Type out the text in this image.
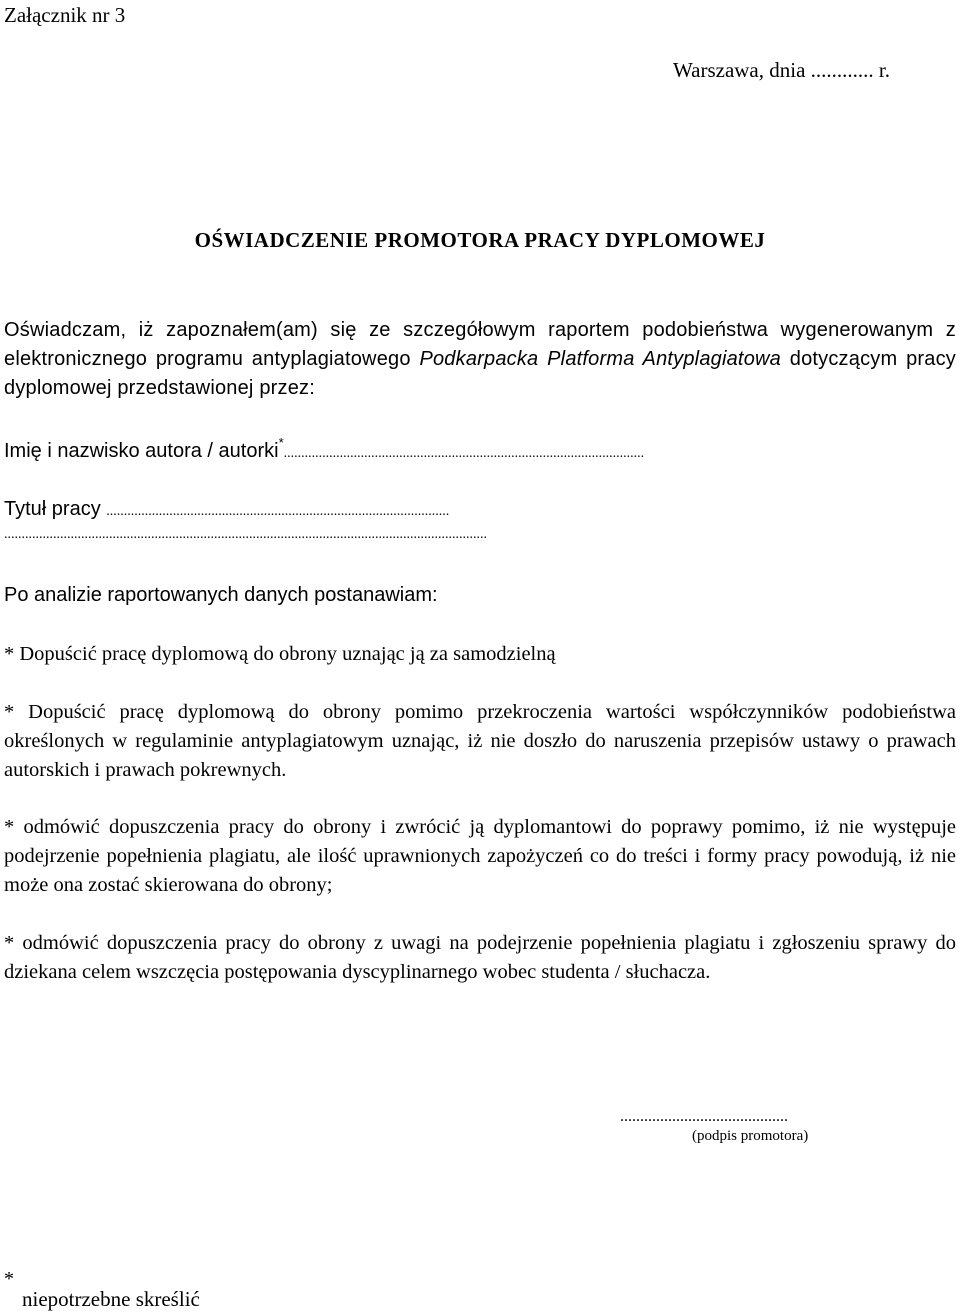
Załącznik nr 3
Warszawa, dnia ............ r.
OŚWIADCZENIE PROMOTORA PRACY DYPLOMOWEJ
Oświadczam, iż zapoznałem(am) się ze szczegółowym raportem podobieństwa wygenerowanym z elektronicznego programu antyplagiatowego Podkarpacka Platforma Antyplagiatowa dotyczącym pracy dyplomowej przedstawionej przez:
Imię i nazwisko autora / autorki*.......................................................................................................
Tytuł pracy ..................................................................................................
..........................................................................................................................................
Po analizie raportowanych danych postanawiam:
* Dopuścić pracę dyplomową do obrony uznając ją za samodzielną
* Dopuścić pracę dyplomową do obrony pomimo przekroczenia wartości współczynników podobieństwa określonych w regulaminie antyplagiatowym uznając, iż nie doszło do naruszenia przepisów ustawy o prawach autorskich i prawach pokrewnych.
* odmówić dopuszczenia pracy do obrony i zwrócić ją dyplomantowi do poprawy pomimo, iż nie występuje podejrzenie popełnienia plagiatu, ale ilość uprawnionych zapożyczeń co do treści i formy pracy powodują, iż nie może ona zostać skierowana do obrony;
* odmówić dopuszczenia pracy do obrony z uwagi na podejrzenie popełnienia plagiatu i zgłoszeniu sprawy do dziekana celem wszczęcia postępowania dyscyplinarnego wobec studenta / słuchacza.
..........................................
(podpis promotora)
*
niepotrzebne skreślić
